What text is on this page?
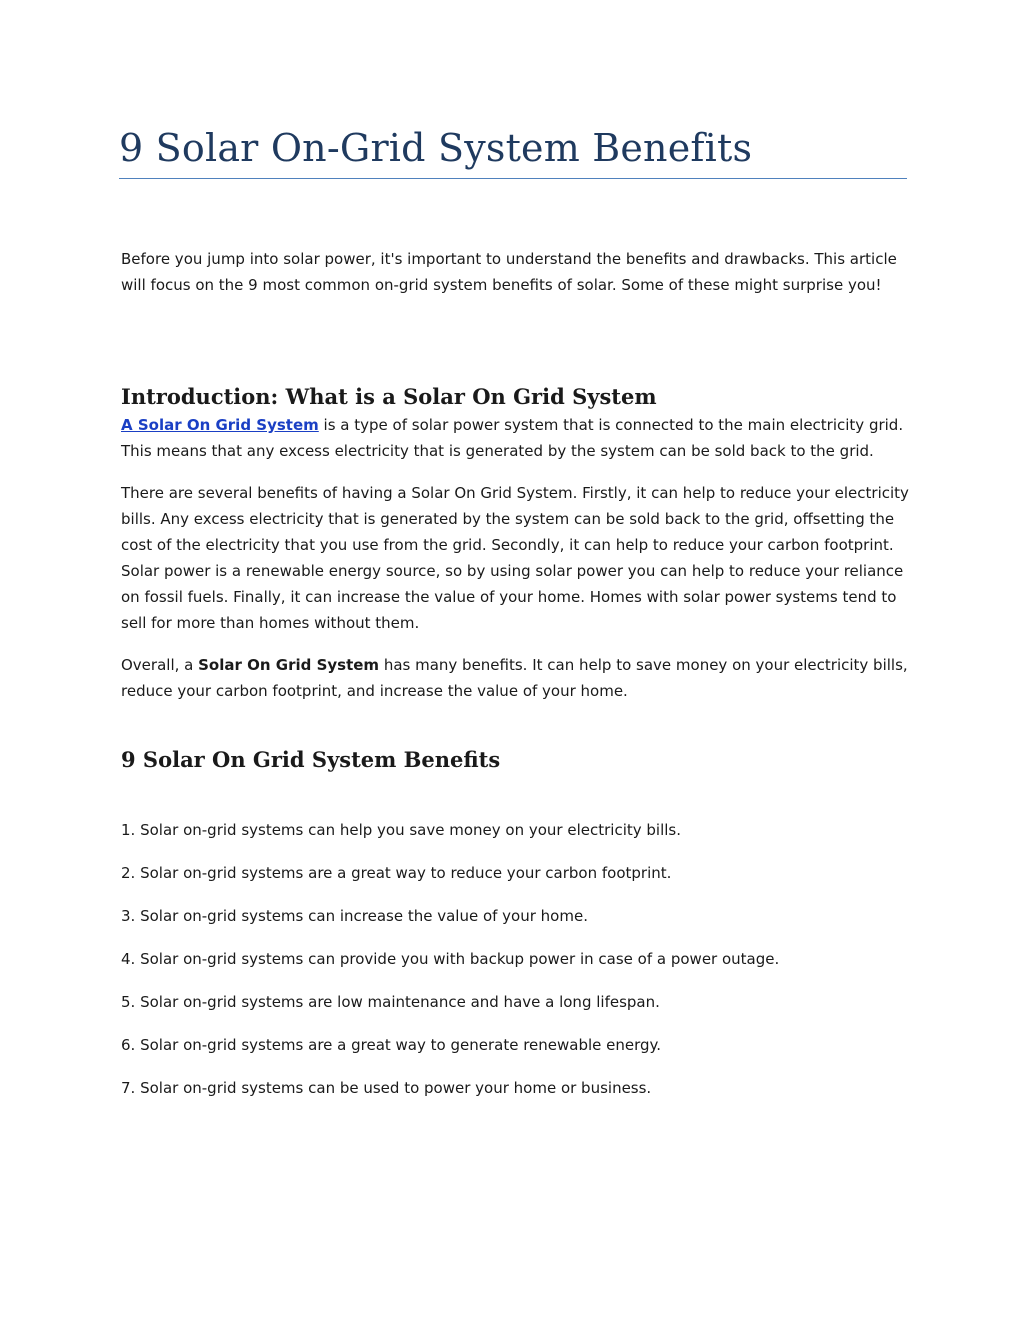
9 Solar On-Grid System Benefits

Before you jump into solar power, it's important to understand the benefits and drawbacks. This article will focus on the 9 most common on-grid system benefits of solar. Some of these might surprise you!

Introduction: What is a Solar On Grid System

A Solar On Grid System is a type of solar power system that is connected to the main electricity grid. This means that any excess electricity that is generated by the system can be sold back to the grid.

There are several benefits of having a Solar On Grid System. Firstly, it can help to reduce your electricity bills. Any excess electricity that is generated by the system can be sold back to the grid, offsetting the cost of the electricity that you use from the grid. Secondly, it can help to reduce your carbon footprint. Solar power is a renewable energy source, so by using solar power you can help to reduce your reliance on fossil fuels. Finally, it can increase the value of your home. Homes with solar power systems tend to sell for more than homes without them.

Overall, a Solar On Grid System has many benefits. It can help to save money on your electricity bills, reduce your carbon footprint, and increase the value of your home.

9 Solar On Grid System Benefits
1. Solar on-grid systems can help you save money on your electricity bills.
2. Solar on-grid systems are a great way to reduce your carbon footprint.
3. Solar on-grid systems can increase the value of your home.
4. Solar on-grid systems can provide you with backup power in case of a power outage.
5. Solar on-grid systems are low maintenance and have a long lifespan.
6. Solar on-grid systems are a great way to generate renewable energy.
7. Solar on-grid systems can be used to power your home or business.
